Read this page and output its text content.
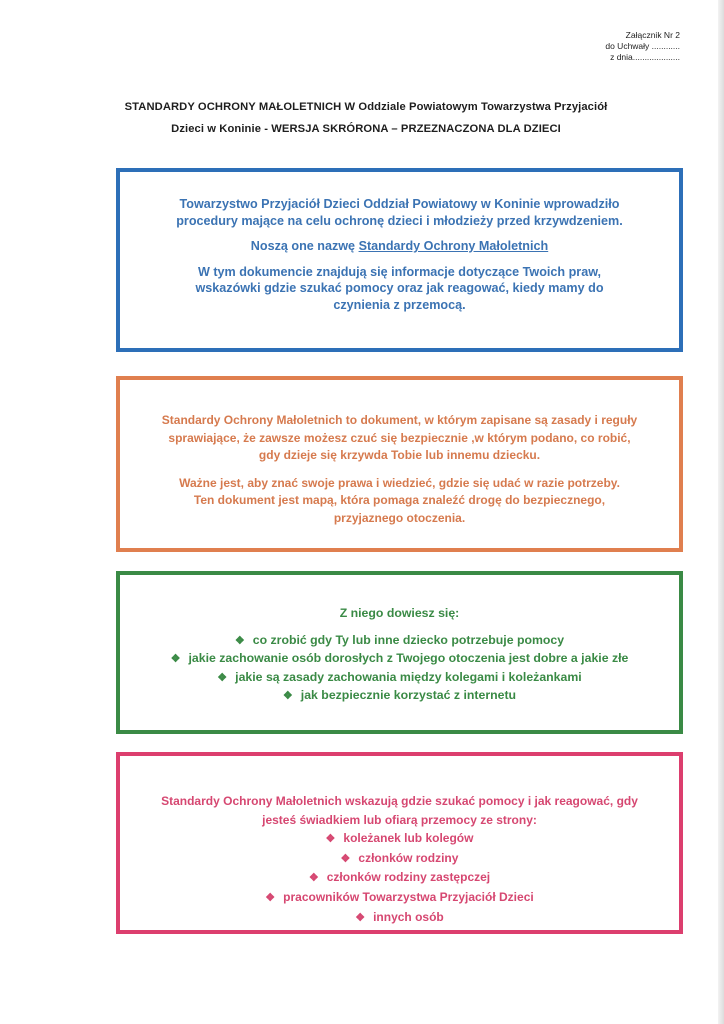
Załącznik Nr 2
do Uchwały ............
z dnia....................
STANDARDY OCHRONY MAŁOLETNICH W Oddziale Powiatowym Towarzystwa Przyjaciół
Dzieci w Koninie - WERSJA SKRÓRONA – PRZEZNACZONA DLA DZIECI

Towarzystwo Przyjaciół Dzieci Oddział Powiatowy w Koninie wprowadziło
procedury mające na celu ochronę dzieci i młodzieży przed krzywdzeniem.

Noszą one nazwę Standardy Ochrony Małoletnich

W tym dokumencie znajdują się informacje dotyczące Twoich praw,
wskazówki gdzie szukać pomocy oraz jak reagować, kiedy mamy do
czynienia z przemocą.

Standardy Ochrony Małoletnich to dokument, w którym zapisane są zasady i reguły
sprawiające, że zawsze możesz czuć się bezpiecznie ,w którym podano, co robić,
gdy dzieje się krzywda Tobie lub innemu dziecku.

Ważne jest, aby znać swoje prawa i wiedzieć, gdzie się udać w razie potrzeby.
Ten dokument jest mapą, która pomaga znaleźć drogę do bezpiecznego,
przyjaznego otoczenia.

Z niego dowiesz się:

❖ co zrobić gdy Ty lub inne dziecko potrzebuje pomocy
❖ jakie zachowanie osób dorosłych z Twojego otoczenia jest dobre a jakie złe
❖ jakie są zasady zachowania między kolegami i koleżankami
❖ jak bezpiecznie korzystać z internetu

Standardy Ochrony Małoletnich wskazują gdzie szukać pomocy i jak reagować, gdy
jesteś świadkiem lub ofiarą przemocy ze strony:

❖ koleżanek lub kolegów
❖ członków rodziny
❖ członków rodziny zastępczej
❖ pracowników Towarzystwa Przyjaciół Dzieci
❖ innych osób
